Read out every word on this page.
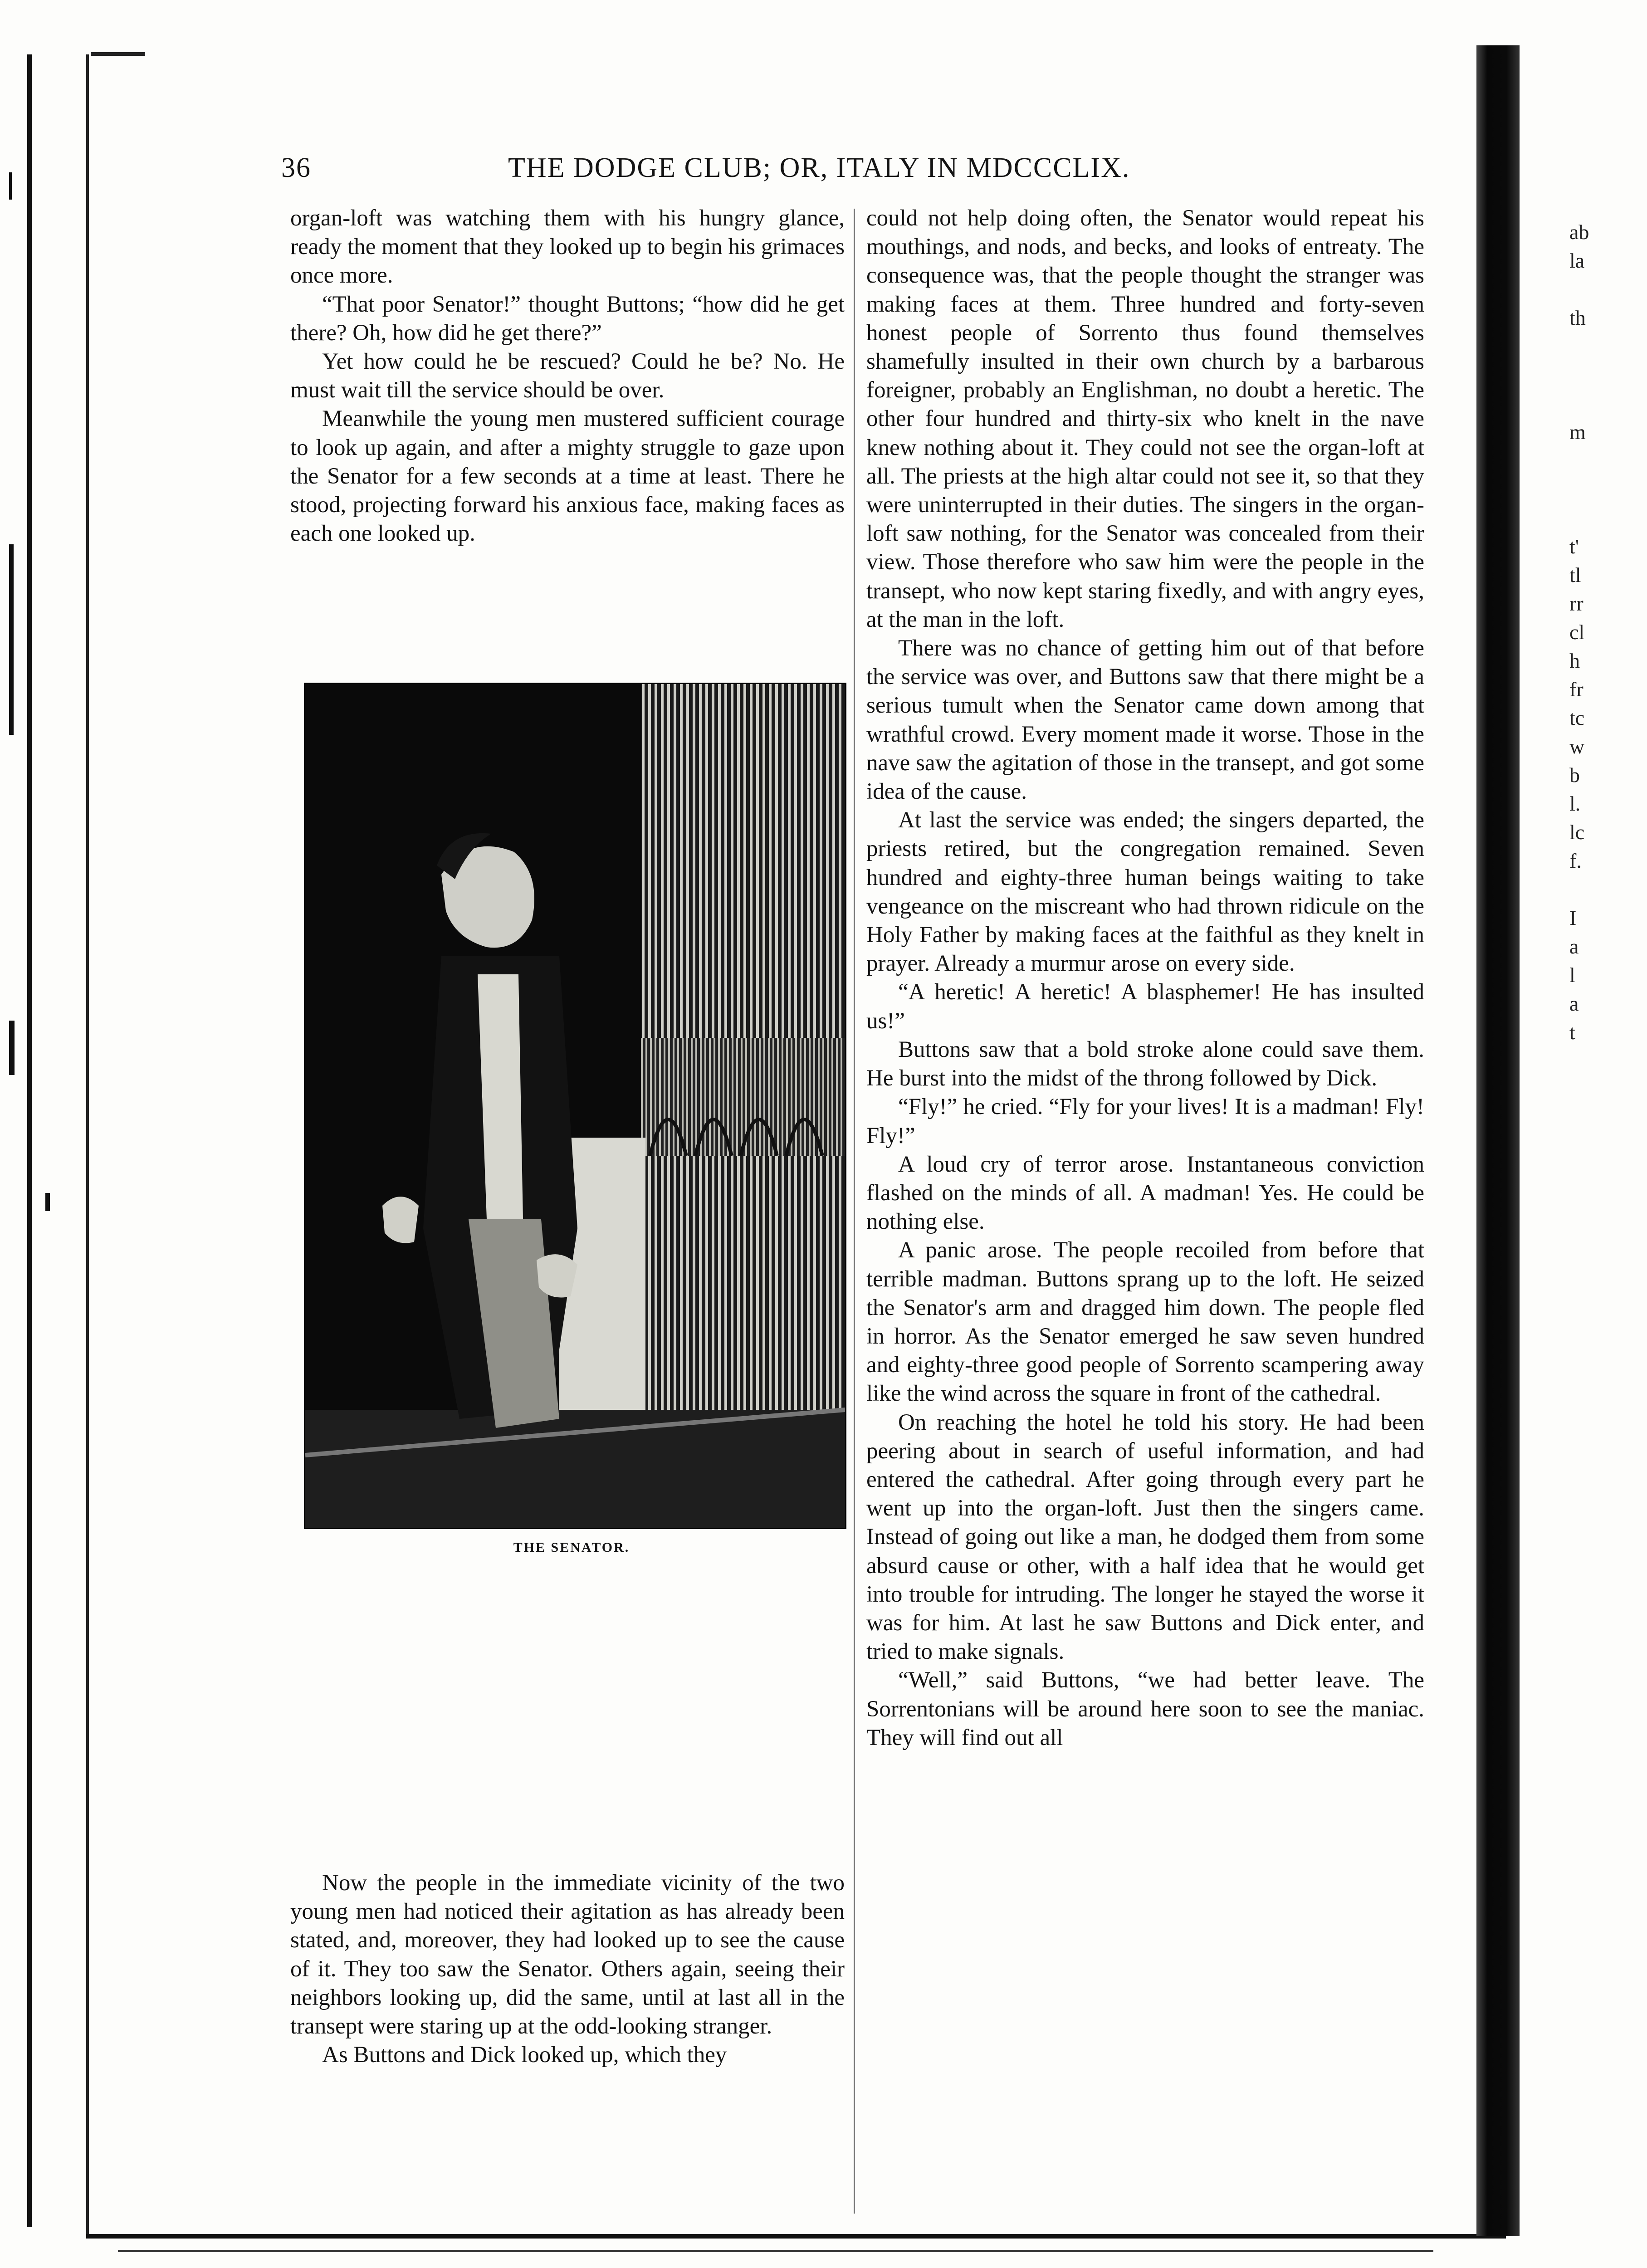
36	THE DODGE CLUB; OR, ITALY IN MDCCCLIX.

organ-loft was watching them with his hungry glance, ready the moment that they looked up to begin his grimaces once more.

“That poor Senator!” thought Buttons; “how did he get there? Oh, how did he get there?”

Yet how could he be rescued? Could he be? No. He must wait till the service should be over.

Meanwhile the young men mustered sufficient courage to look up again, and after a mighty struggle to gaze upon the Senator for a few seconds at a time at least. There he stood, projecting forward his anxious face, making faces as each one looked up.

THE SENATOR.

Now the people in the immediate vicinity of the two young men had noticed their agitation as has already been stated, and, moreover, they had looked up to see the cause of it. They too saw the Senator. Others again, seeing their neighbors looking up, did the same, until at last all in the transept were staring up at the odd-looking stranger.

As Buttons and Dick looked up, which they

could not help doing often, the Senator would repeat his mouthings, and nods, and becks, and looks of entreaty. The consequence was, that the people thought the stranger was making faces at them. Three hundred and forty-seven honest people of Sorrento thus found themselves shamefully insulted in their own church by a barbarous foreigner, probably an Englishman, no doubt a heretic. The other four hundred and thirty-six who knelt in the nave knew nothing about it. They could not see the organ-loft at all. The priests at the high altar could not see it, so that they were uninterrupted in their duties. The singers in the organ-loft saw nothing, for the Senator was concealed from their view. Those therefore who saw him were the people in the transept, who now kept staring fixedly, and with angry eyes, at the man in the loft.

There was no chance of getting him out of that before the service was over, and Buttons saw that there might be a serious tumult when the Senator came down among that wrathful crowd. Every moment made it worse. Those in the nave saw the agitation of those in the transept, and got some idea of the cause.

At last the service was ended; the singers departed, the priests retired, but the congregation remained. Seven hundred and eighty-three human beings waiting to take vengeance on the miscreant who had thrown ridicule on the Holy Father by making faces at the faithful as they knelt in prayer. Already a murmur arose on every side.

“A heretic! A heretic! A blasphemer! He has insulted us!”

Buttons saw that a bold stroke alone could save them. He burst into the midst of the throng followed by Dick.

“Fly!” he cried. “Fly for your lives! It is a madman! Fly! Fly!”

A loud cry of terror arose. Instantaneous conviction flashed on the minds of all. A madman! Yes. He could be nothing else.

A panic arose. The people recoiled from before that terrible madman. Buttons sprang up to the loft. He seized the Senator's arm and dragged him down. The people fled in horror. As the Senator emerged he saw seven hundred and eighty-three good people of Sorrento scampering away like the wind across the square in front of the cathedral.

On reaching the hotel he told his story. He had been peering about in search of useful information, and had entered the cathedral. After going through every part he went up into the organ-loft. Just then the singers came. Instead of going out like a man, he dodged them from some absurd cause or other, with a half idea that he would get into trouble for intruding. The longer he stayed the worse it was for him. At last he saw Buttons and Dick enter, and tried to make signals.

“Well,” said Buttons, “we had better leave. The Sorrentonians will be around here soon to see the maniac. They will find out all

ab
la
th
m
t'
tl
rr
cl
h
fr
tc
w
b
l.
lc
f.
I
a
l
a
t
